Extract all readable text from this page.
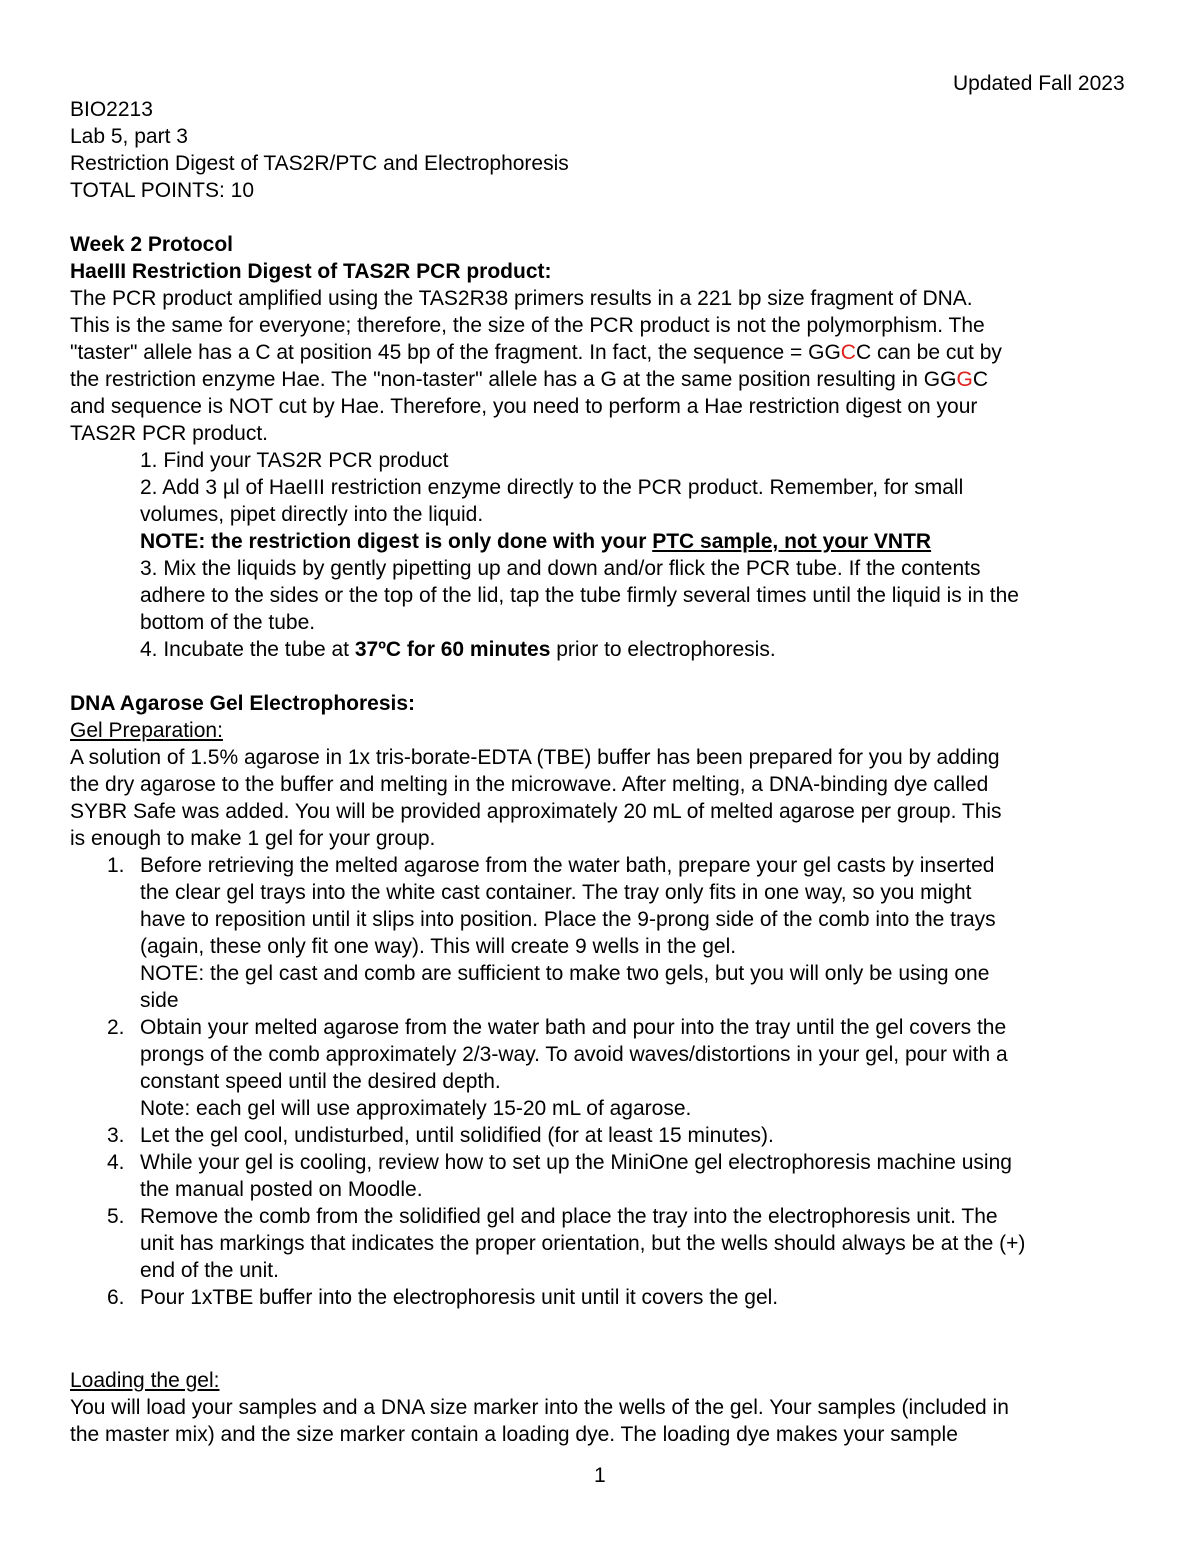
Updated Fall 2023
BIO2213
Lab 5, part 3
Restriction Digest of TAS2R/PTC and Electrophoresis
TOTAL POINTS: 10
Week 2 Protocol
HaeIII Restriction Digest of TAS2R PCR product:
The PCR product amplified using the TAS2R38 primers results in a 221 bp size fragment of DNA.
This is the same for everyone; therefore, the size of the PCR product is not the polymorphism. The
"taster" allele has a C at position 45 bp of the fragment. In fact, the sequence = GGCC can be cut by
the restriction enzyme Hae. The "non-taster" allele has a G at the same position resulting in GGGC
and sequence is NOT cut by Hae. Therefore, you need to perform a Hae restriction digest on your
TAS2R PCR product.
1. Find your TAS2R PCR product
2. Add 3 µl of HaeIII restriction enzyme directly to the PCR product. Remember, for small
volumes, pipet directly into the liquid.
NOTE: the restriction digest is only done with your PTC sample, not your VNTR
3. Mix the liquids by gently pipetting up and down and/or flick the PCR tube. If the contents
adhere to the sides or the top of the lid, tap the tube firmly several times until the liquid is in the
bottom of the tube.
4. Incubate the tube at 37ºC for 60 minutes prior to electrophoresis.
DNA Agarose Gel Electrophoresis:
Gel Preparation:
A solution of 1.5% agarose in 1x tris-borate-EDTA (TBE) buffer has been prepared for you by adding
the dry agarose to the buffer and melting in the microwave. After melting, a DNA-binding dye called
SYBR Safe was added. You will be provided approximately 20 mL of melted agarose per group. This
is enough to make 1 gel for your group.
1. Before retrieving the melted agarose from the water bath, prepare your gel casts by inserted
the clear gel trays into the white cast container. The tray only fits in one way, so you might
have to reposition until it slips into position. Place the 9-prong side of the comb into the trays
(again, these only fit one way). This will create 9 wells in the gel.
NOTE: the gel cast and comb are sufficient to make two gels, but you will only be using one
side
2. Obtain your melted agarose from the water bath and pour into the tray until the gel covers the
prongs of the comb approximately 2/3-way. To avoid waves/distortions in your gel, pour with a
constant speed until the desired depth.
Note: each gel will use approximately 15-20 mL of agarose.
3. Let the gel cool, undisturbed, until solidified (for at least 15 minutes).
4. While your gel is cooling, review how to set up the MiniOne gel electrophoresis machine using
the manual posted on Moodle.
5. Remove the comb from the solidified gel and place the tray into the electrophoresis unit. The
unit has markings that indicates the proper orientation, but the wells should always be at the (+)
end of the unit.
6. Pour 1xTBE buffer into the electrophoresis unit until it covers the gel.
Loading the gel:
You will load your samples and a DNA size marker into the wells of the gel. Your samples (included in
the master mix) and the size marker contain a loading dye. The loading dye makes your sample
1
